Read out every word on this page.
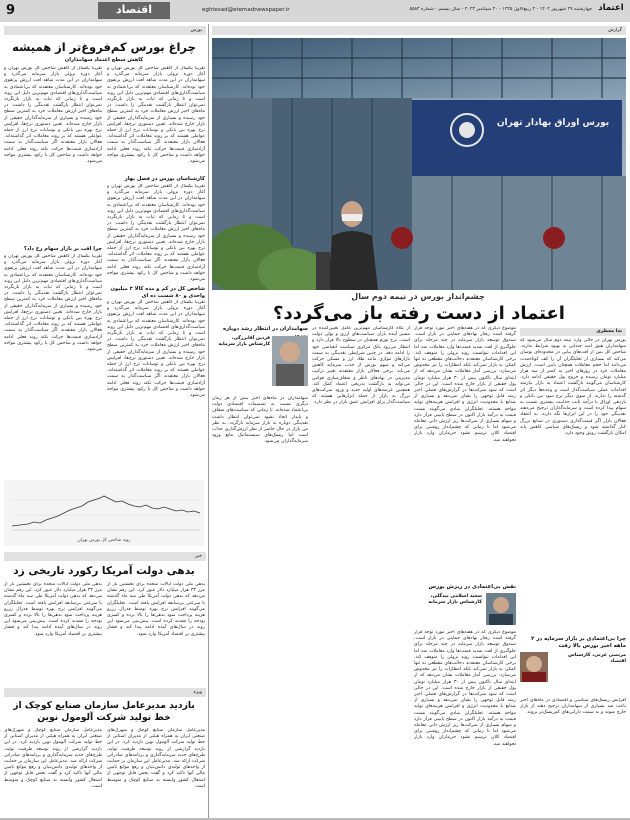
9	اقتصاد	eghtesad@etemadnewspaper.ir	چهارشنبه ۲۹ شهریور ۱۴۰۲ - ۴ ربیع‌الاول ۱۴۴۵ - ۲۰ سپتامبر ۲۰۲۳ - سال بیستم - شماره ۵۵۸۳ اعتماد
بورس
چراغ بورس کم‌فروغ‌تر از همیشه
کاهش سطح اعتماد سهامداران
تقریبا یکسال از کاهش شاخص کل بورس تهران و آغاز دوره نزولی بازار سرمایه می‌گذرد و سهامداران در این مدت شاهد افت ارزش پرتفوی خود بوده‌اند. کارشناسان معتقدند که بی‌اعتمادی به سیاست‌گذاری‌های اقتصادی مهم‌ترین دلیل این روند است و تا زمانی که ثبات به بازار بازنگردد نمی‌توان انتظار بازگشت نقدینگی را داشت. در ماه‌های اخیر ارزش معاملات خرد به کمترین سطح خود رسیده و بسیاری از سرمایه‌گذاران حقیقی از بازار خارج شده‌اند. تعیین دستوری نرخ‌ها، افزایش نرخ بهره بین بانکی و نوسانات نرخ ارز از جمله عواملی هستند که بر روند معاملات اثر گذاشته‌اند. فعالان بازار معتقدند اگر سیاست‌گذار به سمت آزادسازی قیمت‌ها حرکت نکند روند فعلی ادامه خواهد داشت و شاخص کل با رکود بیشتری مواجه می‌شود.
تقریبا یکسال از کاهش شاخص کل بورس تهران و آغاز دوره نزولی بازار سرمایه می‌گذرد و سهامداران در این مدت شاهد افت ارزش پرتفوی خود بوده‌اند. کارشناسان معتقدند که بی‌اعتمادی به سیاست‌گذاری‌های اقتصادی مهم‌ترین دلیل این روند است و تا زمانی که ثبات به بازار بازنگردد نمی‌توان انتظار بازگشت نقدینگی را داشت. در ماه‌های اخیر ارزش معاملات خرد به کمترین سطح خود رسیده و بسیاری از سرمایه‌گذاران حقیقی از بازار خارج شده‌اند. تعیین دستوری نرخ‌ها، افزایش نرخ بهره بین بانکی و نوسانات نرخ ارز از جمله عواملی هستند که بر روند معاملات اثر گذاشته‌اند. فعالان بازار معتقدند اگر سیاست‌گذار به سمت آزادسازی قیمت‌ها حرکت نکند روند فعلی ادامه خواهد داشت و شاخص کل با رکود بیشتری مواجه می‌شود.
کارشناسان بورس در فصل بهار
تقریبا یکسال از کاهش شاخص کل بورس تهران و آغاز دوره نزولی بازار سرمایه می‌گذرد و سهامداران در این مدت شاهد افت ارزش پرتفوی خود بوده‌اند. کارشناسان معتقدند که بی‌اعتمادی به سیاست‌گذاری‌های اقتصادی مهم‌ترین دلیل این روند است و تا زمانی که ثبات به بازار بازنگردد نمی‌توان انتظار بازگشت نقدینگی را داشت. در ماه‌های اخیر ارزش معاملات خرد به کمترین سطح خود رسیده و بسیاری از سرمایه‌گذاران حقیقی از بازار خارج شده‌اند. تعیین دستوری نرخ‌ها، افزایش نرخ بهره بین بانکی و نوسانات نرخ ارز از جمله عواملی هستند که بر روند معاملات اثر گذاشته‌اند. فعالان بازار معتقدند اگر سیاست‌گذار به سمت آزادسازی قیمت‌ها حرکت نکند روند فعلی ادامه خواهد داشت و شاخص کل با رکود بیشتری مواجه می‌شود.
چرا افت بر بازار سهام رخ داد؟
تقریبا یکسال از کاهش شاخص کل بورس تهران و آغاز دوره نزولی بازار سرمایه می‌گذرد و سهامداران در این مدت شاهد افت ارزش پرتفوی خود بوده‌اند. کارشناسان معتقدند که بی‌اعتمادی به سیاست‌گذاری‌های اقتصادی مهم‌ترین دلیل این روند است و تا زمانی که ثبات به بازار بازنگردد نمی‌توان انتظار بازگشت نقدینگی را داشت. در ماه‌های اخیر ارزش معاملات خرد به کمترین سطح خود رسیده و بسیاری از سرمایه‌گذاران حقیقی از بازار خارج شده‌اند. تعیین دستوری نرخ‌ها، افزایش نرخ بهره بین بانکی و نوسانات نرخ ارز از جمله عواملی هستند که بر روند معاملات اثر گذاشته‌اند. فعالان بازار معتقدند اگر سیاست‌گذار به سمت آزادسازی قیمت‌ها حرکت نکند روند فعلی ادامه خواهد داشت و شاخص کل با رکود بیشتری مواجه می‌شود.
شاخص کل در کم و مده کالا ۳ میلیون واحدی و ۸۰ شست ده ای
تقریبا یکسال از کاهش شاخص کل بورس تهران و آغاز دوره نزولی بازار سرمایه می‌گذرد و سهامداران در این مدت شاهد افت ارزش پرتفوی خود بوده‌اند. کارشناسان معتقدند که بی‌اعتمادی به سیاست‌گذاری‌های اقتصادی مهم‌ترین دلیل این روند است و تا زمانی که ثبات به بازار بازنگردد نمی‌توان انتظار بازگشت نقدینگی را داشت. در ماه‌های اخیر ارزش معاملات خرد به کمترین سطح خود رسیده و بسیاری از سرمایه‌گذاران حقیقی از بازار خارج شده‌اند. تعیین دستوری نرخ‌ها، افزایش نرخ بهره بین بانکی و نوسانات نرخ ارز از جمله عواملی هستند که بر روند معاملات اثر گذاشته‌اند. فعالان بازار معتقدند اگر سیاست‌گذار به سمت آزادسازی قیمت‌ها حرکت نکند روند فعلی ادامه خواهد داشت و شاخص کل با رکود بیشتری مواجه می‌شود.
روند شاخص کل بورس تهران
خبر
بدهی دولت آمریکا رکورد تاریخی زد
بدهی ملی دولت ایالات متحده برای نخستین بار از مرز ۳۳ هزار میلیارد دلار عبور کرد. این رقم نشان می‌دهد که بدهی دولت آمریکا طی سه ماه گذشته با سرعتی بی‌سابقه افزایش یافته است. تحلیلگران می‌گویند افزایش نرخ بهره توسط فدرال رزرو هزینه پرداخت سود بدهی‌ها را بالا برده و کسری بودجه را تشدید کرده است. پیش‌بینی می‌شود این روند در سال‌های آینده ادامه پیدا کند و فشار بیشتری بر اقتصاد آمریکا وارد شود.
بدهی ملی دولت ایالات متحده برای نخستین بار از مرز ۳۳ هزار میلیارد دلار عبور کرد. این رقم نشان می‌دهد که بدهی دولت آمریکا طی سه ماه گذشته با سرعتی بی‌سابقه افزایش یافته است. تحلیلگران می‌گویند افزایش نرخ بهره توسط فدرال رزرو هزینه پرداخت سود بدهی‌ها را بالا برده و کسری بودجه را تشدید کرده است. پیش‌بینی می‌شود این روند در سال‌های آینده ادامه پیدا کند و فشار بیشتری بر اقتصاد آمریکا وارد شود.
ویژه
بازدید مدیرعامل سازمان صنایع کوچک از خط تولید شرکت آلومول نوین
مدیرعامل سازمان صنایع کوچک و شهرک‌های صنعتی ایران به همراه هیئتی از مدیران استانی از خط تولید شرکت آلومول نوین بازدید کرد. در این بازدید گزارشی از روند توسعه ظرفیت تولید، طرح‌های جدید سرمایه‌گذاری و برنامه‌های صادراتی شرکت ارائه شد. مدیرعامل این سازمان بر حمایت از واحدهای تولیدی دانش‌بنیان و رفع موانع تامین مالی آنها تاکید کرد و گفت بخش قابل توجهی از اشتغال کشور وابسته به صنایع کوچک و متوسط است.
مدیرعامل سازمان صنایع کوچک و شهرک‌های صنعتی ایران به همراه هیئتی از مدیران استانی از خط تولید شرکت آلومول نوین بازدید کرد. در این بازدید گزارشی از روند توسعه ظرفیت تولید، طرح‌های جدید سرمایه‌گذاری و برنامه‌های صادراتی شرکت ارائه شد. مدیرعامل این سازمان بر حمایت از واحدهای تولیدی دانش‌بنیان و رفع موانع تامین مالی آنها تاکید کرد و گفت بخش قابل توجهی از اشتغال کشور وابسته به صنایع کوچک و متوسط است.
گزارش
بورس اوراق بهادار تهران
چشم‌انداز بورس در نیمه دوم سال
اعتماد از دست رفته باز می‌گردد؟
ندا معظری
بورس تهران در حالی وارد نیمه دوم سال می‌شود که سهامداران هنوز امید چندانی به بهبود شرایط ندارند. شاخص کل پس از افت‌های پیاپی در محدوده‌ای نوسان می‌کند که بسیاری از تحلیلگران آن را کف کوتاه‌مدت می‌دانند اما حجم معاملات همچنان پایین است. ارزش معاملات خرد در روزهای اخیر به کمتر از سه هزار میلیارد تومان رسیده و خروج پول حقیقی ادامه دارد. کارشناسان می‌گویند بازگشت اعتماد به بازار نیازمند اقدامات عملی سیاست‌گذار است و وعده‌ها دیگر اثر گذشته را ندارند. از سوی دیگر نرخ سود بین بانکی و بازدهی اوراق با درآمد ثابت جذابیت بیشتری نسبت به سهام پیدا کرده است و سرمایه‌گذاران ترجیح می‌دهند نقدینگی خود را در این ابزارها نگه دارند. به اعتقاد فعالان بازار اگر قیمت‌گذاری دستوری در صنایع بزرگ کنار گذاشته شود و ریسک‌های سیاسی کاهش یابد امکان بازگشت رونق وجود دارد.
چرا بی‌اعتمادی بر بازار سرمایه در ۲ ماهه اخیر بورس بالا رفت
مرتضی عزتی، کارشناس اقتصاد
افزایش ریسک‌های سیاسی و اقتصادی در ماه‌های اخیر باعث شد بسیاری از سهامداران ترجیح دهند از بازار خارج شوند و به سمت دارایی‌های کم‌ریسک‌تر بروند.
موضوع دیگری که در هفته‌های اخیر مورد توجه قرار گرفته است رفتار نهادهای حمایتی در بازار است. صندوق توسعه بازار سرمایه در چند مرحله برای جلوگیری از افت شدید قیمت‌ها وارد معاملات شد اما این اقدامات نتوانست روند نزولی را متوقف کند. برخی کارشناسان معتقدند دخالت‌های مقطعی نه تنها کمکی به بازار نمی‌کند بلکه انتظارات را نیز مخدوش می‌سازد. بررسی آمار معاملات نشان می‌دهد که از ابتدای سال تاکنون بیش از ۳۰ هزار میلیارد تومان پول حقیقی از بازار خارج شده است. این در حالی است که سود شرکت‌ها در گزارش‌های فصلی اخیر رشد قابل توجهی را نشان نمی‌دهد و بسیاری از صنایع با محدودیت انرژی و افزایش هزینه‌های تولید مواجه هستند. تحلیلگران بنیادی می‌گویند نسبت قیمت به درآمد بازار اکنون در سطح پایینی قرار دارد و سهام بسیاری از شرکت‌ها زیر ارزش ذاتی معامله می‌شود اما تا زمانی که چشم‌انداز روشنی برای اقتصاد کلان ترسیم نشود خریداران وارد بازار نخواهند شد.
نقش بی‌اعتمادی در ریزش بورس
سعید اسلامی بیدگلی، کارشناس بازار سرمایه
موضوع دیگری که در هفته‌های اخیر مورد توجه قرار گرفته است رفتار نهادهای حمایتی در بازار است. صندوق توسعه بازار سرمایه در چند مرحله برای جلوگیری از افت شدید قیمت‌ها وارد معاملات شد اما این اقدامات نتوانست روند نزولی را متوقف کند. برخی کارشناسان معتقدند دخالت‌های مقطعی نه تنها کمکی به بازار نمی‌کند بلکه انتظارات را نیز مخدوش می‌سازد. بررسی آمار معاملات نشان می‌دهد که از ابتدای سال تاکنون بیش از ۳۰ هزار میلیارد تومان پول حقیقی از بازار خارج شده است. این در حالی است که سود شرکت‌ها در گزارش‌های فصلی اخیر رشد قابل توجهی را نشان نمی‌دهد و بسیاری از صنایع با محدودیت انرژی و افزایش هزینه‌های تولید مواجه هستند. تحلیلگران بنیادی می‌گویند نسبت قیمت به درآمد بازار اکنون در سطح پایینی قرار دارد و سهام بسیاری از شرکت‌ها زیر ارزش ذاتی معامله می‌شود اما تا زمانی که چشم‌انداز روشنی برای اقتصاد کلان ترسیم نشود خریداران وارد بازار نخواهند شد.
از نگاه کارشناسان مهم‌ترین عامل تعیین‌کننده در مسیر آینده بازار، سیاست‌های ارزی و پولی دولت است. نرخ تورم همچنان در سطوح بالا قرار دارد و انتظار می‌رود بانک مرکزی سیاست انقباضی خود را ادامه دهد. در چنین شرایطی نقدینگی به سمت بازارهای موازی مانند طلا، ارز و مسکن حرکت می‌کند و سهم بورس از جذب سرمایه کاهش می‌یابد. برخی فعالان بازار معتقدند تغییر ترکیب مدیریتی در نهادهای ناظر و شفاف‌سازی قوانین می‌تواند به بازگشت تدریجی اعتماد کمک کند. همچنین عرضه‌های اولیه جدید و ورود شرکت‌های بزرگ به بازار از جمله ابزارهایی هستند که سیاست‌گذار برای افزایش عمق بازار در نظر دارد.
سهامداران در انتظار رشد دوباره
فردین آقابزرگی، کارشناس بازار سرمایه
سهامداران در ماه‌های اخیر بیش از هر زمان دیگری نسبت به تصمیمات اقتصادی دولت بی‌اعتماد شده‌اند. تا زمانی که سیاست‌های شفاف و پایدار اتخاذ نشود نمی‌توان انتظار داشت نقدینگی دوباره به بازار سرمایه بازگردد. به نظر من بازار در حال حاضر از نظر ارزش‌گذاری جذاب است اما ریسک‌های سیستماتیک مانع ورود سرمایه‌گذاران می‌شود.
